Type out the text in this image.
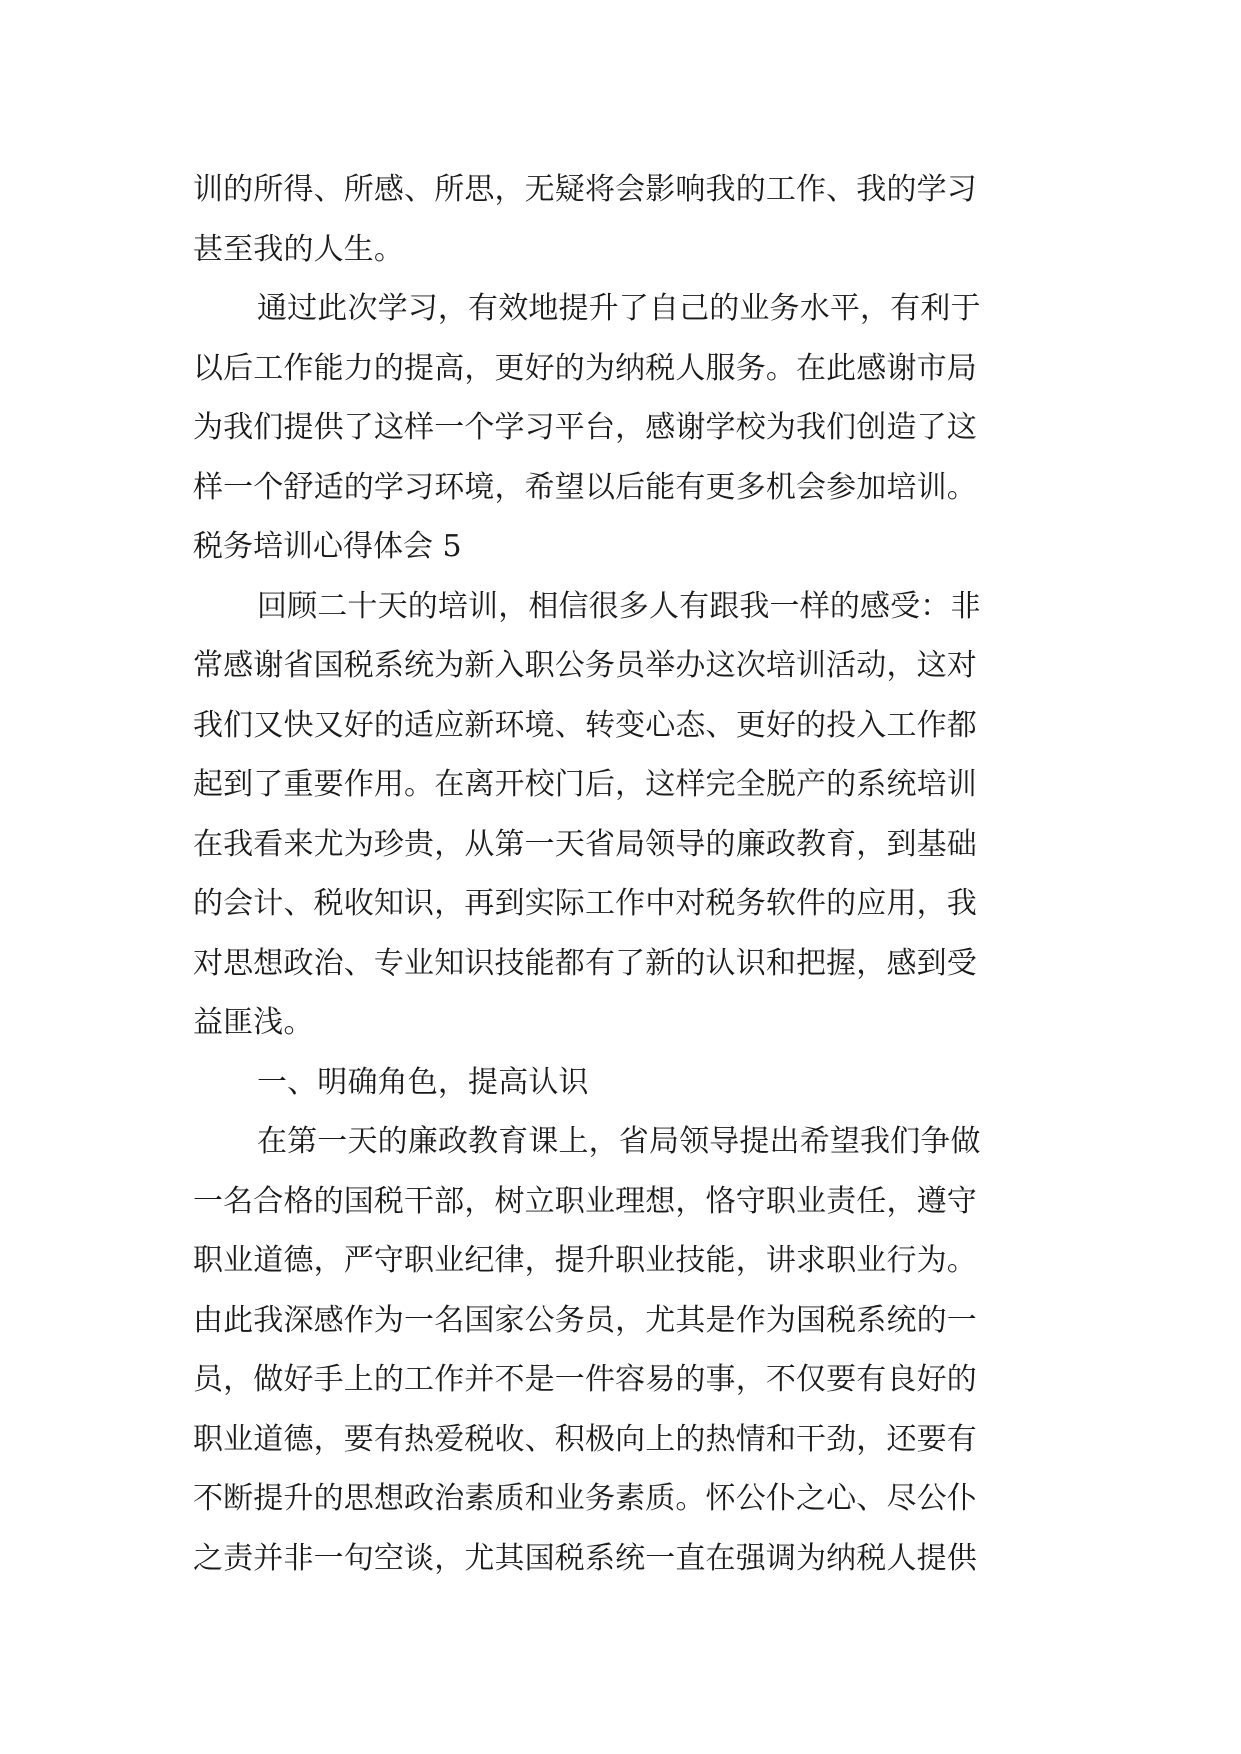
训的所得、所感、所思，无疑将会影响我的工作、我的学习
甚至我的人生。
通过此次学习，有效地提升了自己的业务水平，有利于
以后工作能力的提高，更好的为纳税人服务。在此感谢市局
为我们提供了这样一个学习平台，感谢学校为我们创造了这
样一个舒适的学习环境，希望以后能有更多机会参加培训。
税务培训心得体会 5
回顾二十天的培训，相信很多人有跟我一样的感受：非
常感谢省国税系统为新入职公务员举办这次培训活动，这对
我们又快又好的适应新环境、转变心态、更好的投入工作都
起到了重要作用。在离开校门后，这样完全脱产的系统培训
在我看来尤为珍贵，从第一天省局领导的廉政教育，到基础
的会计、税收知识，再到实际工作中对税务软件的应用，我
对思想政治、专业知识技能都有了新的认识和把握，感到受
益匪浅。
一、明确角色，提高认识
在第一天的廉政教育课上，省局领导提出希望我们争做
一名合格的国税干部，树立职业理想，恪守职业责任，遵守
职业道德，严守职业纪律，提升职业技能，讲求职业行为。
由此我深感作为一名国家公务员，尤其是作为国税系统的一
员，做好手上的工作并不是一件容易的事，不仅要有良好的
职业道德，要有热爱税收、积极向上的热情和干劲，还要有
不断提升的思想政治素质和业务素质。怀公仆之心、尽公仆
之责并非一句空谈，尤其国税系统一直在强调为纳税人提供
